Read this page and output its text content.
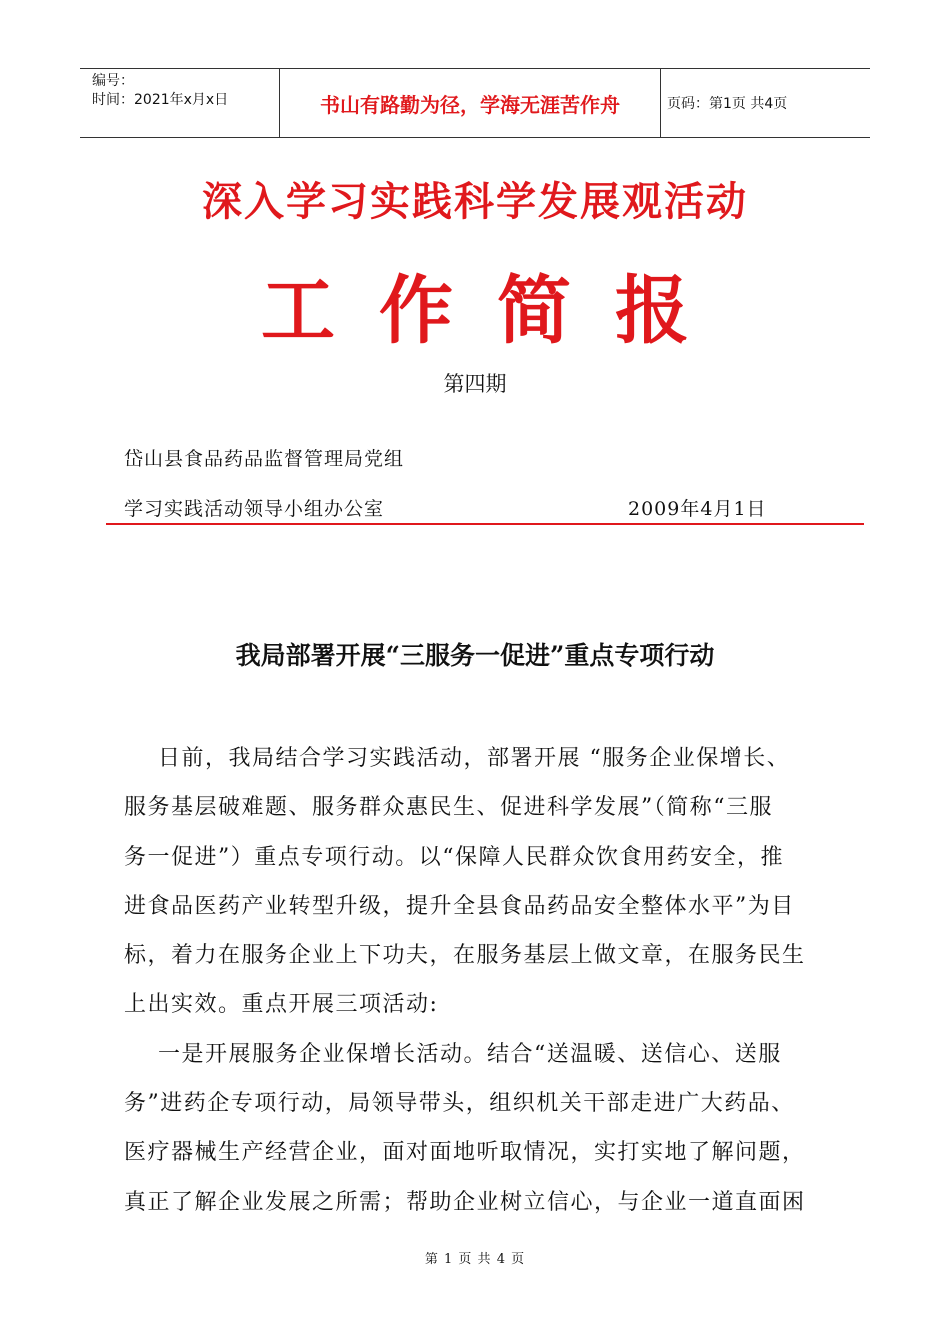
编号：
时间：2021年x月x日	书山有路勤为径，学海无涯苦作舟	页码：第1页 共4页
深入学习实践科学发展观活动
工作简报
第四期
岱山县食品药品监督管理局党组
学习实践活动领导小组办公室	2009年4月1日
我局部署开展“三服务一促进”重点专项行动
日前，我局结合学习实践活动，部署开展 “服务企业保增长、
服务基层破难题、服务群众惠民生、促进科学发展”（简称“三服
务一促进”）重点专项行动。以“保障人民群众饮食用药安全，推
进食品医药产业转型升级，提升全县食品药品安全整体水平”为目
标，着力在服务企业上下功夫，在服务基层上做文章，在服务民生
上出实效。重点开展三项活动:
一是开展服务企业保增长活动。结合“送温暖、送信心、送服
务”进药企专项行动，局领导带头，组织机关干部走进广大药品、
医疗器械生产经营企业，面对面地听取情况，实打实地了解问题，
真正了解企业发展之所需；帮助企业树立信心，与企业一道直面困
第 1 页 共 4 页
